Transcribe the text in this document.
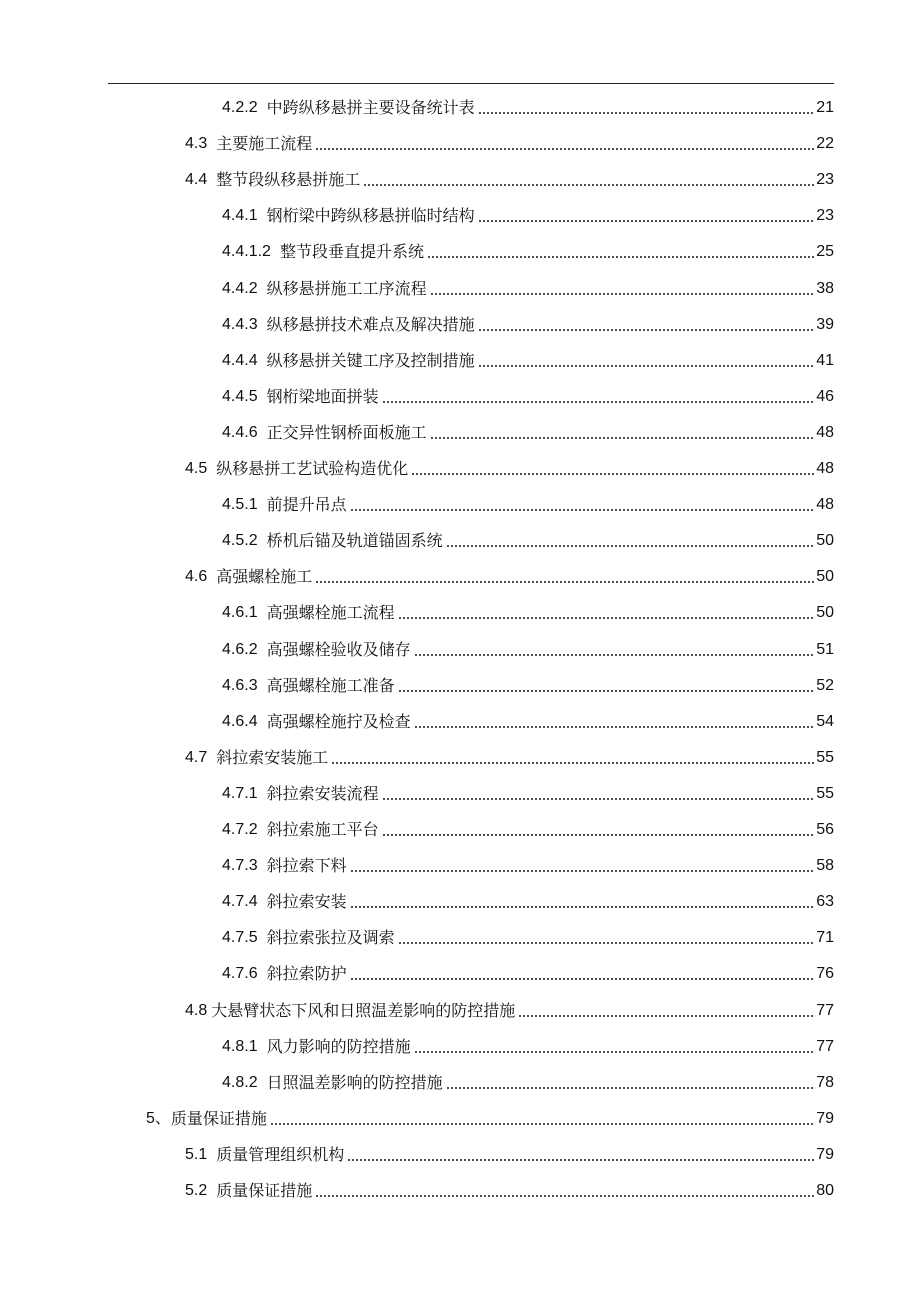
4.2.2 中跨纵移悬拼主要设备统计表	21
4.3 主要施工流程	22
4.4 整节段纵移悬拼施工	23
4.4.1 钢桁梁中跨纵移悬拼临时结构	23
4.4.1.2 整节段垂直提升系统	25
4.4.2 纵移悬拼施工工序流程	38
4.4.3 纵移悬拼技术难点及解决措施	39
4.4.4 纵移悬拼关键工序及控制措施	41
4.4.5 钢桁梁地面拼装	46
4.4.6 正交异性钢桥面板施工	48
4.5 纵移悬拼工艺试验构造优化	48
4.5.1 前提升吊点	48
4.5.2 桥机后锚及轨道锚固系统	50
4.6 高强螺栓施工	50
4.6.1 高强螺栓施工流程	50
4.6.2 高强螺栓验收及储存	51
4.6.3 高强螺栓施工准备	52
4.6.4 高强螺栓施拧及检查	54
4.7 斜拉索安装施工	55
4.7.1 斜拉索安装流程	55
4.7.2 斜拉索施工平台	56
4.7.3 斜拉索下料	58
4.7.4 斜拉索安装	63
4.7.5 斜拉索张拉及调索	71
4.7.6 斜拉索防护	76
4.8 大悬臂状态下风和日照温差影响的防控措施	77
4.8.1 风力影响的防控措施	77
4.8.2 日照温差影响的防控措施	78
5、 质量保证措施	79
5.1 质量管理组织机构	79
5.2 质量保证措施	80
